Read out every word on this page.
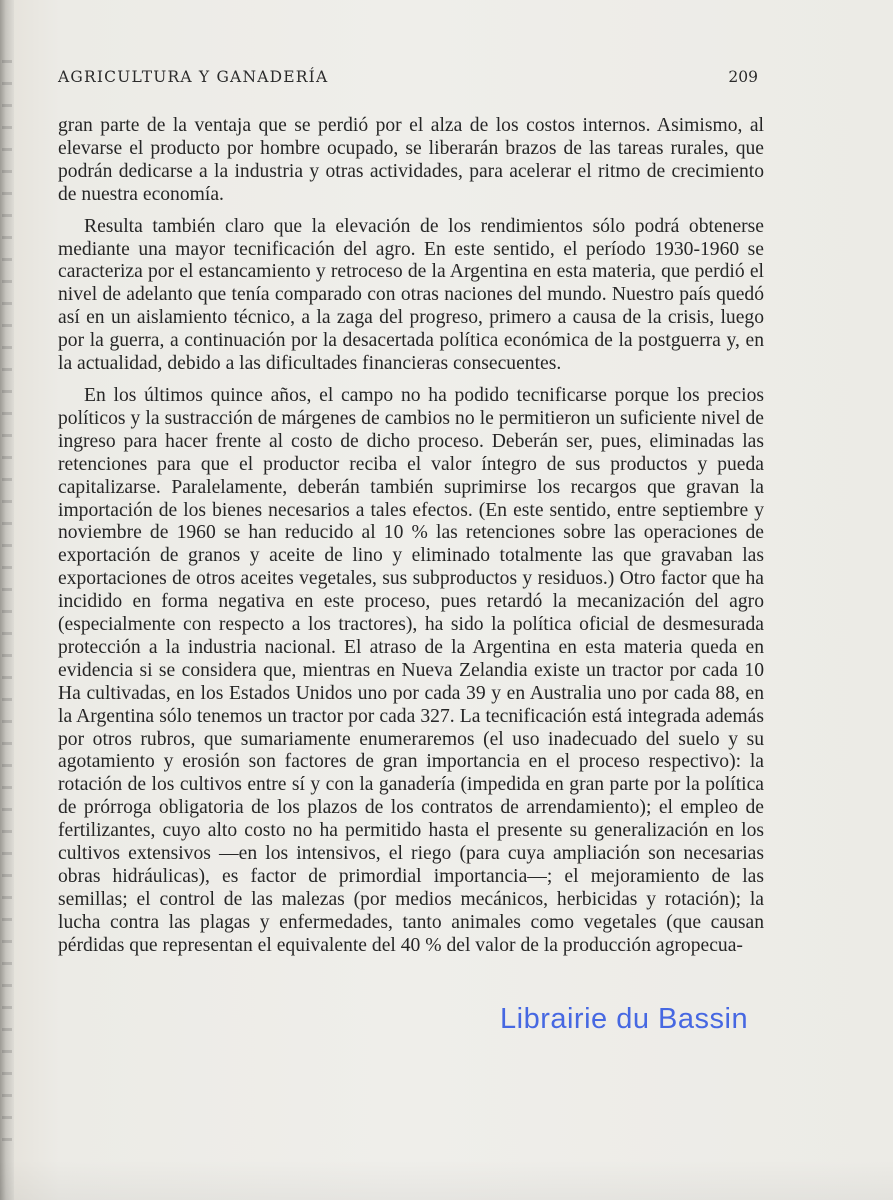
AGRICULTURA Y GANADERÍA	209

gran parte de la ventaja que se perdió por el alza de los costos internos. Asimismo, al elevarse el producto por hombre ocupado, se liberarán brazos de las tareas rurales, que podrán dedicarse a la industria y otras actividades, para acelerar el ritmo de crecimiento de nuestra economía.

Resulta también claro que la elevación de los rendimientos sólo podrá obtenerse mediante una mayor tecnificación del agro. En este sentido, el período 1930-1960 se caracteriza por el estancamiento y retroceso de la Argentina en esta materia, que perdió el nivel de adelanto que tenía comparado con otras naciones del mundo. Nuestro país quedó así en un aislamiento técnico, a la zaga del progreso, primero a causa de la crisis, luego por la guerra, a continuación por la desacertada política económica de la postguerra y, en la actualidad, debido a las dificultades financieras consecuentes.

En los últimos quince años, el campo no ha podido tecnificarse porque los precios políticos y la sustracción de márgenes de cambios no le permitieron un suficiente nivel de ingreso para hacer frente al costo de dicho proceso. Deberán ser, pues, eliminadas las retenciones para que el productor reciba el valor íntegro de sus productos y pueda capitalizarse. Paralelamente, deberán también suprimirse los recargos que gravan la importación de los bienes necesarios a tales efectos. (En este sentido, entre septiembre y noviembre de 1960 se han reducido al 10 % las retenciones sobre las operaciones de exportación de granos y aceite de lino y eliminado totalmente las que gravaban las exportaciones de otros aceites vegetales, sus subproductos y residuos.) Otro factor que ha incidido en forma negativa en este proceso, pues retardó la mecanización del agro (especialmente con respecto a los tractores), ha sido la política oficial de desmesurada protección a la industria nacional. El atraso de la Argentina en esta materia queda en evidencia si se considera que, mientras en Nueva Zelandia existe un tractor por cada 10 Ha cultivadas, en los Estados Unidos uno por cada 39 y en Australia uno por cada 88, en la Argentina sólo tenemos un tractor por cada 327. La tecnificación está integrada además por otros rubros, que sumariamente enumeraremos (el uso inadecuado del suelo y su agotamiento y erosión son factores de gran importancia en el proceso respectivo): la rotación de los cultivos entre sí y con la ganadería (impedida en gran parte por la política de prórroga obligatoria de los plazos de los contratos de arrendamiento); el empleo de fertilizantes, cuyo alto costo no ha permitido hasta el presente su generalización en los cultivos extensivos —en los intensivos, el riego (para cuya ampliación son necesarias obras hidráulicas), es factor de primordial importancia—; el mejoramiento de las semillas; el control de las malezas (por medios mecánicos, herbicidas y rotación); la lucha contra las plagas y enfermedades, tanto animales como vegetales (que causan pérdidas que representan el equivalente del 40 % del valor de la producción agropecua-

Librairie du Bassin
